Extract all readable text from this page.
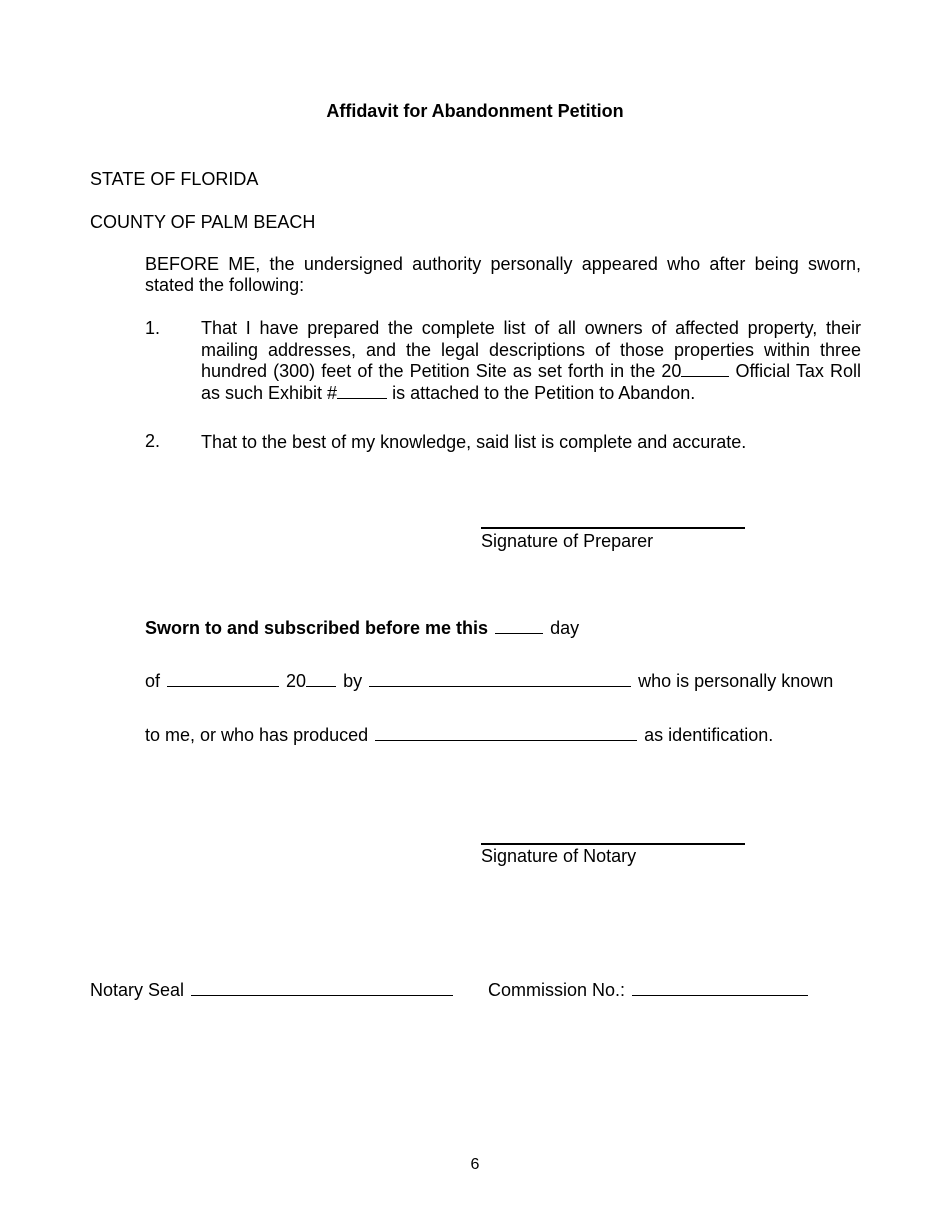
Affidavit for Abandonment Petition
STATE OF FLORIDA
COUNTY OF PALM BEACH
BEFORE ME, the undersigned authority personally appeared who after being sworn, stated the following:
1. That I have prepared the complete list of all owners of affected property, their mailing addresses, and the legal descriptions of those properties within three hundred (300) feet of the Petition Site as set forth in the 20	Official Tax Roll as such Exhibit #	is attached to the Petition to Abandon.
2. That to the best of my knowledge, said list is complete and accurate.
Signature of Preparer
Sworn to and subscribed before me this	day
of	20 by	who is personally known
to me, or who has produced	as identification.
Signature of Notary
Notary Seal	Commission No.:
6
